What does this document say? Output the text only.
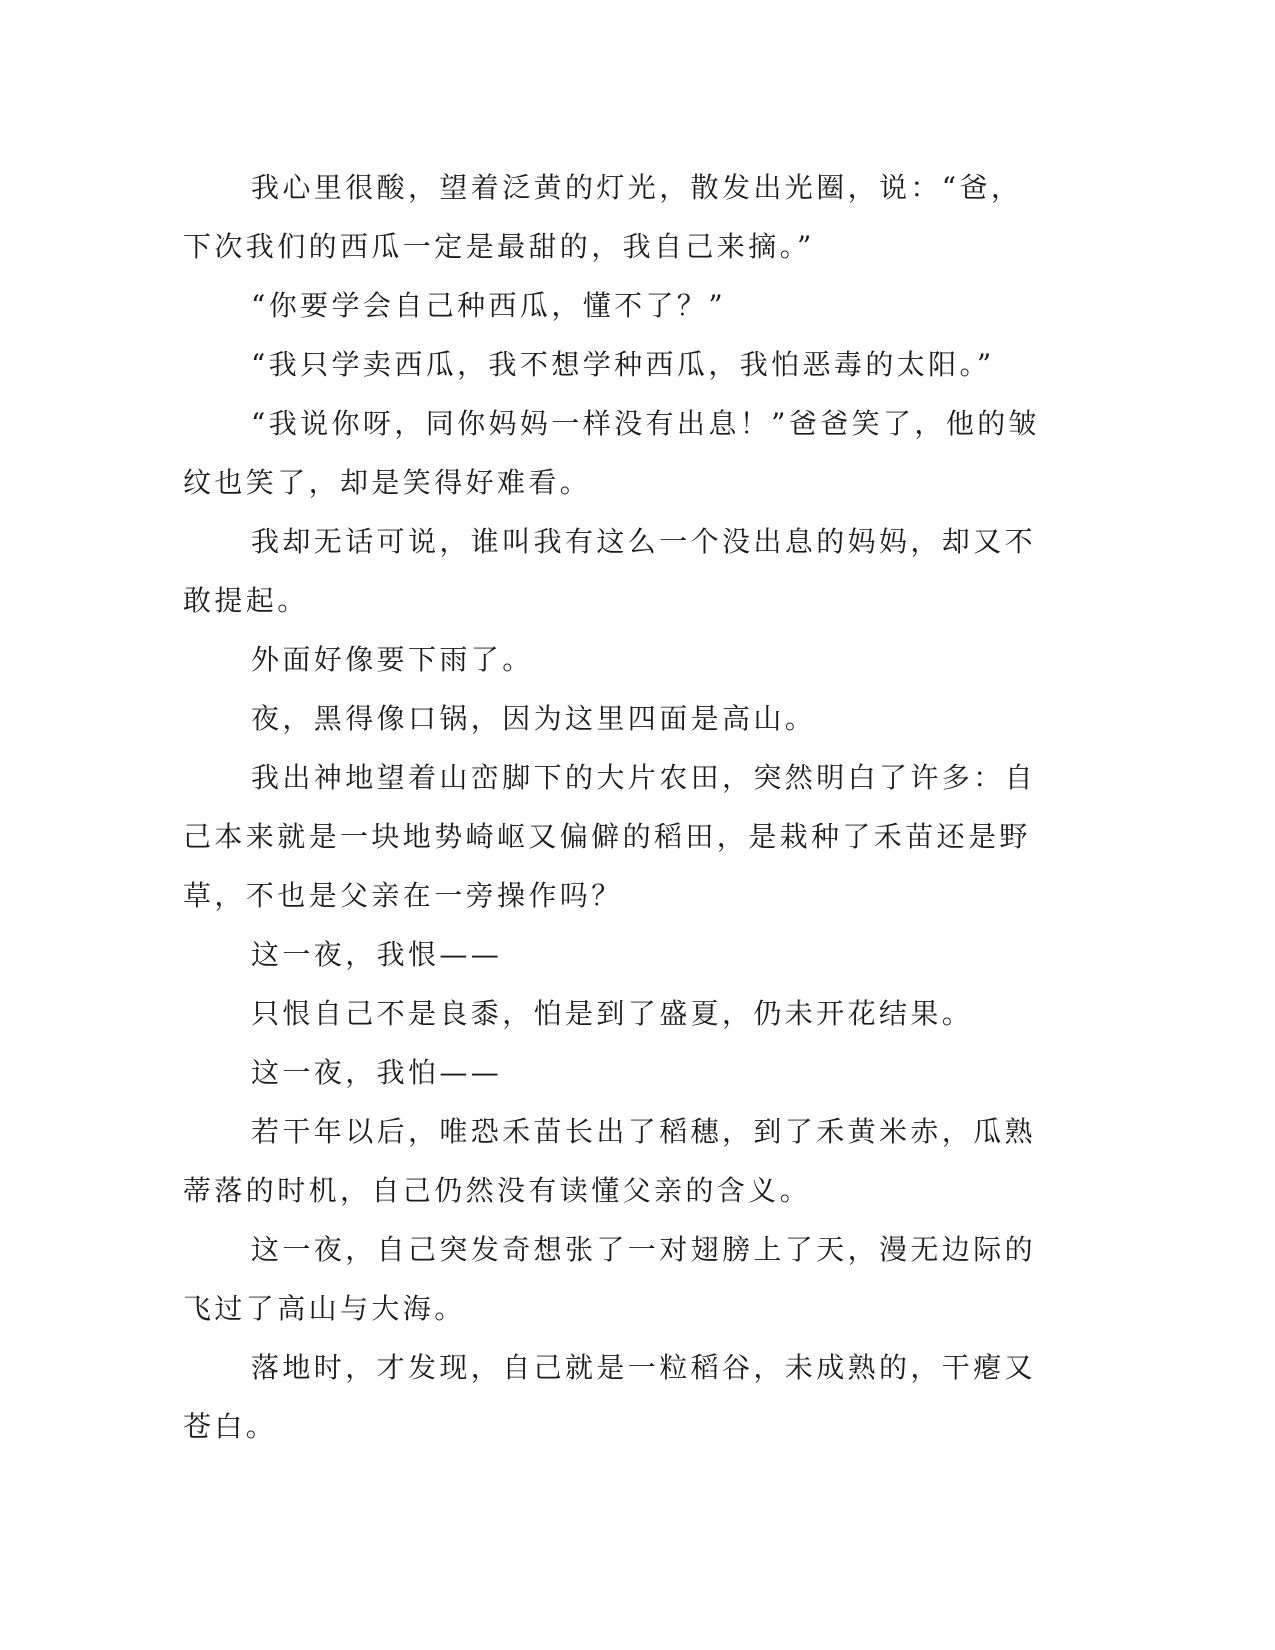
我心里很酸，望着泛黄的灯光，散发出光圈，说：“爸，下次我们的西瓜一定是最甜的，我自己来摘。”

“你要学会自己种西瓜，懂不了？”

“我只学卖西瓜，我不想学种西瓜，我怕恶毒的太阳。”

“我说你呀，同你妈妈一样没有出息！”爸爸笑了，他的皱纹也笑了，却是笑得好难看。

我却无话可说，谁叫我有这么一个没出息的妈妈，却又不敢提起。

外面好像要下雨了。

夜，黑得像口锅，因为这里四面是高山。

我出神地望着山峦脚下的大片农田，突然明白了许多：自己本来就是一块地势崎岖又偏僻的稻田，是栽种了禾苗还是野草，不也是父亲在一旁操作吗？

这一夜，我恨——

只恨自己不是良黍，怕是到了盛夏，仍未开花结果。

这一夜，我怕——

若干年以后，唯恐禾苗长出了稻穗，到了禾黄米赤，瓜熟蒂落的时机，自己仍然没有读懂父亲的含义。

这一夜，自己突发奇想张了一对翅膀上了天，漫无边际的飞过了高山与大海。

落地时，才发现，自己就是一粒稻谷，未成熟的，干瘪又苍白。
